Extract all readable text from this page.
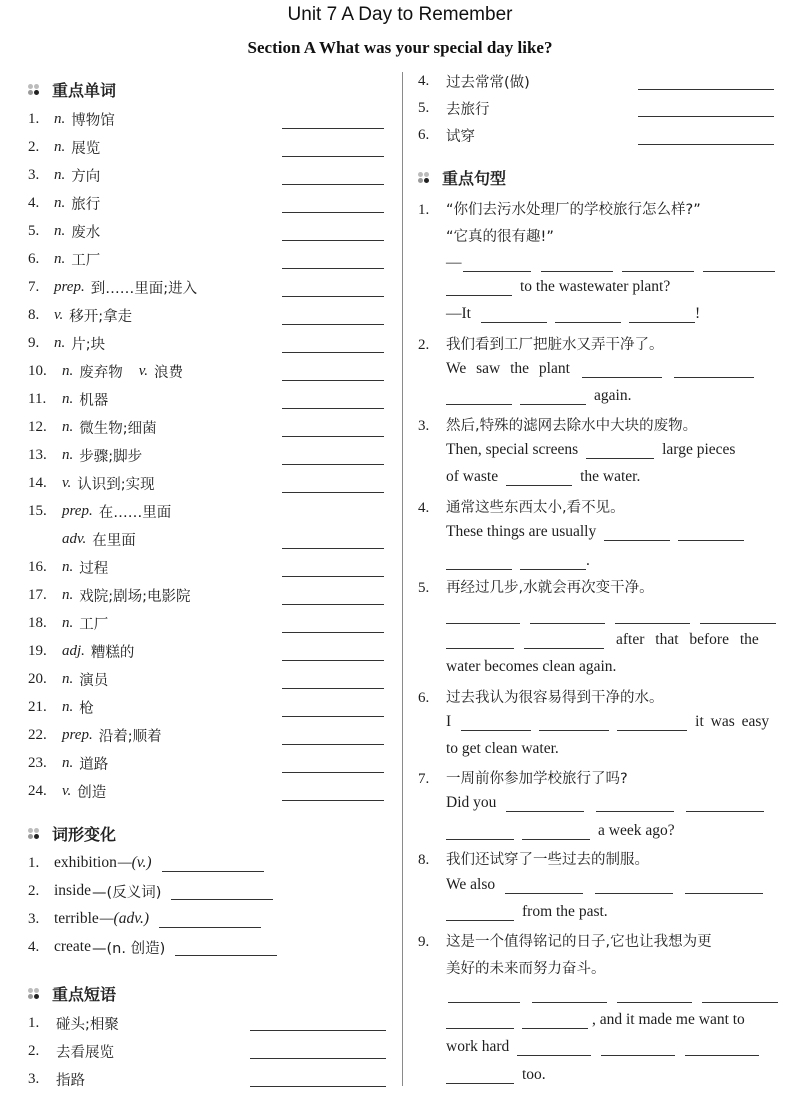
Unit 7 A Day to Remember
Section A What was your special day like?
重点单词
1. n. 博物馆
2. n. 展览
3. n. 方向
4. n. 旅行
5. n. 废水
6. n. 工厂
7. prep. 到……里面;进入
8. v. 移开;拿走
9. n. 片;块
10.	n. 废弃物 v. 浪费
11.	n. 机器
12.	n. 微生物;细菌
13.	n. 步骤;脚步
14.	v. 认识到;实现
15.	prep. 在……里面
adv. 在里面
16.	n. 过程
17.	n. 戏院;剧场;电影院
18.	n. 工厂
19.	adj. 糟糕的
20.	n. 演员
21.	n. 枪
22.	prep. 沿着;顺着
23.	n. 道路
24.	v. 创造
词形变化
1. exhibition —(v.)
2. inside —(反义词)
3. terrible —(adv.)
4. create —(n. 创造)
重点短语
1.	碰头;相聚
2.	去看展览
3.	指路
4.	过去常常(做)
5.	去旅行
6.	试穿
重点句型
1.	“你们去污水处理厂的学校旅行怎么样?”
“它真的很有趣!”
—
to the wastewater plant?
—It	!
2.	我们看到工厂把脏水又弄干净了。
We saw the plant
again.
3.	然后,特殊的滤网去除水中大块的废物。
Then, special screens	large pieces
of waste	the water.
4.	通常这些东西太小,看不见。
These things are usually
.
5.	再经过几步,水就会再次变干净。
after that before the
water becomes clean again.
6.	过去我认为很容易得到干净的水。
I	it was easy
to get clean water.
7.	一周前你参加学校旅行了吗?
Did you
a week ago?
8.	我们还试穿了一些过去的制服。
We also
from the past.
9.	这是一个值得铭记的日子,它也让我想为更
美好的未来而努力奋斗。
, and it made me want to
work hard
too.
